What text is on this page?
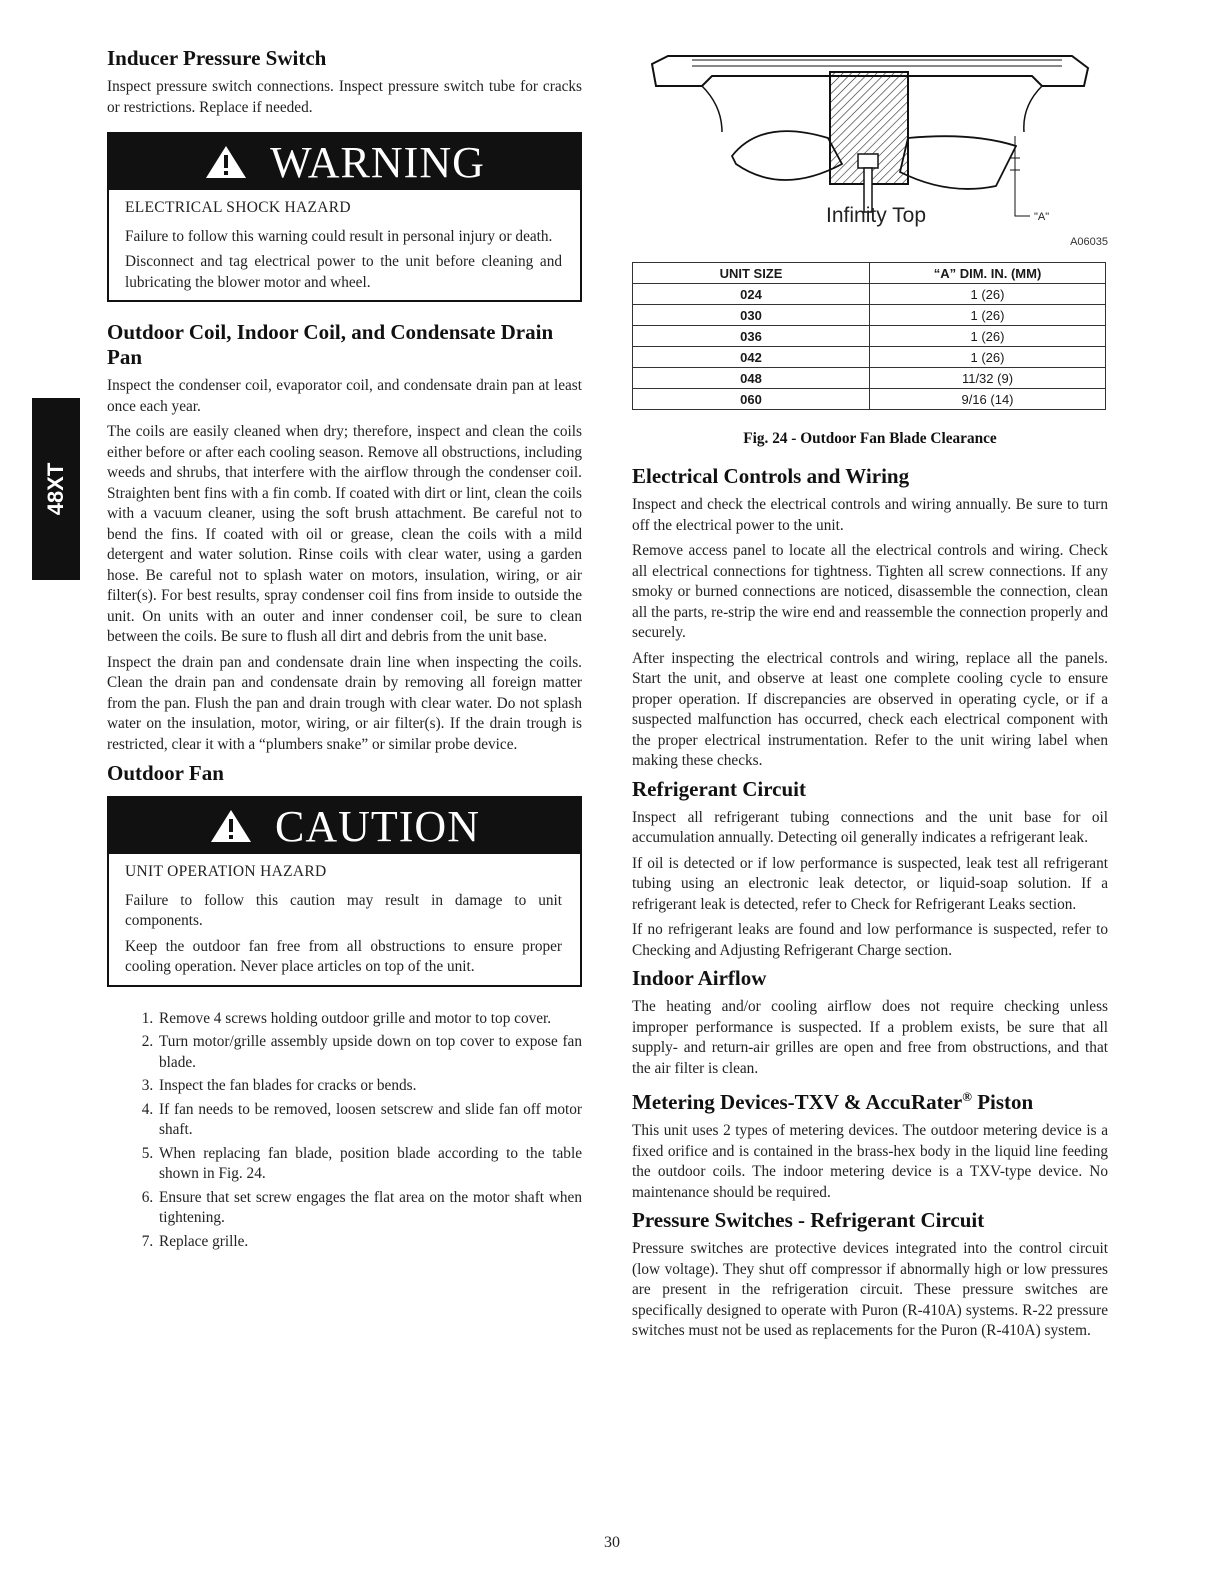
48XT
Inducer Pressure Switch

Inspect pressure switch connections. Inspect pressure switch tube for cracks or restrictions. Replace if needed.

WARNING

ELECTRICAL SHOCK HAZARD

Failure to follow this warning could result in personal injury or death.

Disconnect and tag electrical power to the unit before cleaning and lubricating the blower motor and wheel.

Outdoor Coil, Indoor Coil, and Condensate Drain Pan

Inspect the condenser coil, evaporator coil, and condensate drain pan at least once each year.

The coils are easily cleaned when dry; therefore, inspect and clean the coils either before or after each cooling season. Remove all obstructions, including weeds and shrubs, that interfere with the airflow through the condenser coil. Straighten bent fins with a fin comb. If coated with dirt or lint, clean the coils with a vacuum cleaner, using the soft brush attachment. Be careful not to bend the fins. If coated with oil or grease, clean the coils with a mild detergent and water solution. Rinse coils with clear water, using a garden hose. Be careful not to splash water on motors, insulation, wiring, or air filter(s). For best results, spray condenser coil fins from inside to outside the unit. On units with an outer and inner condenser coil, be sure to clean between the coils. Be sure to flush all dirt and debris from the unit base.

Inspect the drain pan and condensate drain line when inspecting the coils. Clean the drain pan and condensate drain by removing all foreign matter from the pan. Flush the pan and drain trough with clear water. Do not splash water on the insulation, motor, wiring, or air filter(s). If the drain trough is restricted, clear it with a “plumbers snake” or similar probe device.

Outdoor Fan
CAUTION

UNIT OPERATION HAZARD

Failure to follow this caution may result in damage to unit components.

Keep the outdoor fan free from all obstructions to ensure proper cooling operation. Never place articles on top of the unit.

1. Remove 4 screws holding outdoor grille and motor to top cover.
2. Turn motor/grille assembly upside down on top cover to expose fan blade.
3. Inspect the fan blades for cracks or bends.
4. If fan needs to be removed, loosen setscrew and slide fan off motor shaft.
5. When replacing fan blade, position blade according to the table shown in Fig. 24.
6. Ensure that set screw engages the flat area on the motor shaft when tightening.
7. Replace grille.
"A"
Infinity Top
A06035
UNIT SIZE	“A” DIM. IN. (MM)
024	1 (26)
030	1 (26)
036	1 (26)
042	1 (26)
048	11/32 (9)
060	9/16 (14)
Fig. 24 - Outdoor Fan Blade Clearance
Electrical Controls and Wiring

Inspect and check the electrical controls and wiring annually. Be sure to turn off the electrical power to the unit.

Remove access panel to locate all the electrical controls and wiring. Check all electrical connections for tightness. Tighten all screw connections. If any smoky or burned connections are noticed, disassemble the connection, clean all the parts, re-strip the wire end and reassemble the connection properly and securely.

After inspecting the electrical controls and wiring, replace all the panels. Start the unit, and observe at least one complete cooling cycle to ensure proper operation. If discrepancies are observed in operating cycle, or if a suspected malfunction has occurred, check each electrical component with the proper electrical instrumentation. Refer to the unit wiring label when making these checks.

Refrigerant Circuit

Inspect all refrigerant tubing connections and the unit base for oil accumulation annually. Detecting oil generally indicates a refrigerant leak.

If oil is detected or if low performance is suspected, leak test all refrigerant tubing using an electronic leak detector, or liquid-soap solution. If a refrigerant leak is detected, refer to Check for Refrigerant Leaks section.

If no refrigerant leaks are found and low performance is suspected, refer to Checking and Adjusting Refrigerant Charge section.

Indoor Airflow

The heating and/or cooling airflow does not require checking unless improper performance is suspected. If a problem exists, be sure that all supply- and return-air grilles are open and free from obstructions, and that the air filter is clean.

Metering Devices-TXV & AccuRater® Piston

This unit uses 2 types of metering devices. The outdoor metering device is a fixed orifice and is contained in the brass-hex body in the liquid line feeding the outdoor coils. The indoor metering device is a TXV-type device. No maintenance should be required.

Pressure Switches - Refrigerant Circuit

Pressure switches are protective devices integrated into the control circuit (low voltage). They shut off compressor if abnormally high or low pressures are present in the refrigeration circuit. These pressure switches are specifically designed to operate with Puron (R-410A) systems. R-22 pressure switches must not be used as replacements for the Puron (R-410A) system.

30
